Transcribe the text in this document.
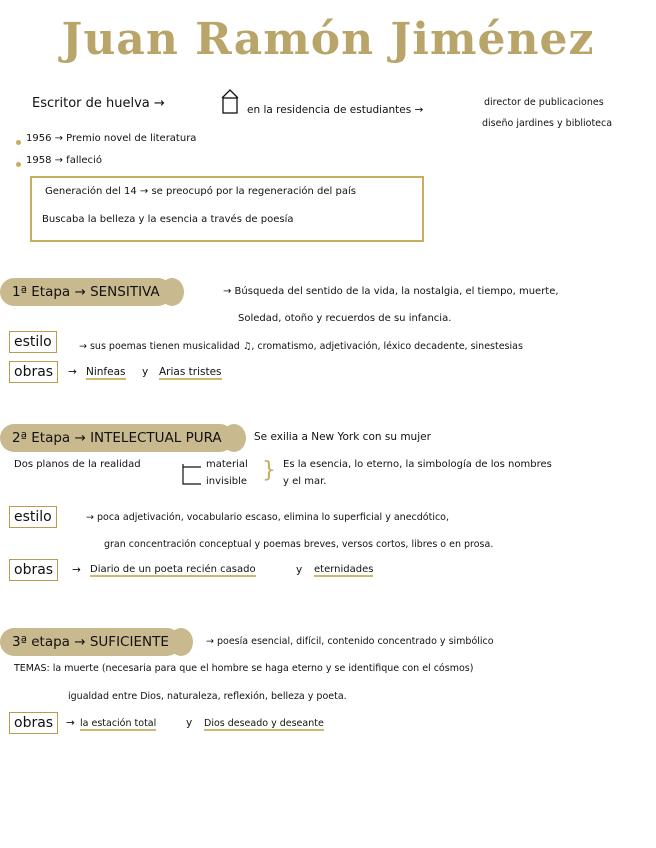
Juan Ramón Jiménez
Escritor de huelva →	en la residencia de estudiantes →
director de publicaciones
diseño jardines y biblioteca
1956 → Premio novel de literatura
1958 → falleció
Generación del 14 → se preocupó por la regeneración del país
Buscaba la belleza y la esencia a través de poesía
1ª Etapa → SENSITIVA	→ Búsqueda del sentido de la vida, la nostalgia, el tiempo, muerte,
Soledad, otoño y recuerdos de su infancia.
estilo	→ sus poemas tienen musicalidad ♫, cromatismo, adjetivación, léxico decadente, sinestesias
obras	→ Ninfeas y Arias tristes
2ª Etapa → INTELECTUAL PURA	Se exilia a New York con su mujer
Dos planos de la realidad	material
invisible } Es la esencia, lo eterno, la simbología de los nombres
y el mar.
estilo	→ poca adjetivación, vocabulario escaso, elimina lo superficial y anecdótico,
gran concentración conceptual y poemas breves, versos cortos, libres o en prosa.
obras	→ Diario de un poeta recién casado	y eternidades
3ª etapa → SUFICIENTE	→ poesía esencial, difícil, contenido concentrado y simbólico
TEMAS: la muerte (necesaria para que el hombre se haga eterno y se identifique con el cósmos)
igualdad entre Dios, naturaleza, reflexión, belleza y poeta.
obras	→ la estación total	y Dios deseado y deseante
